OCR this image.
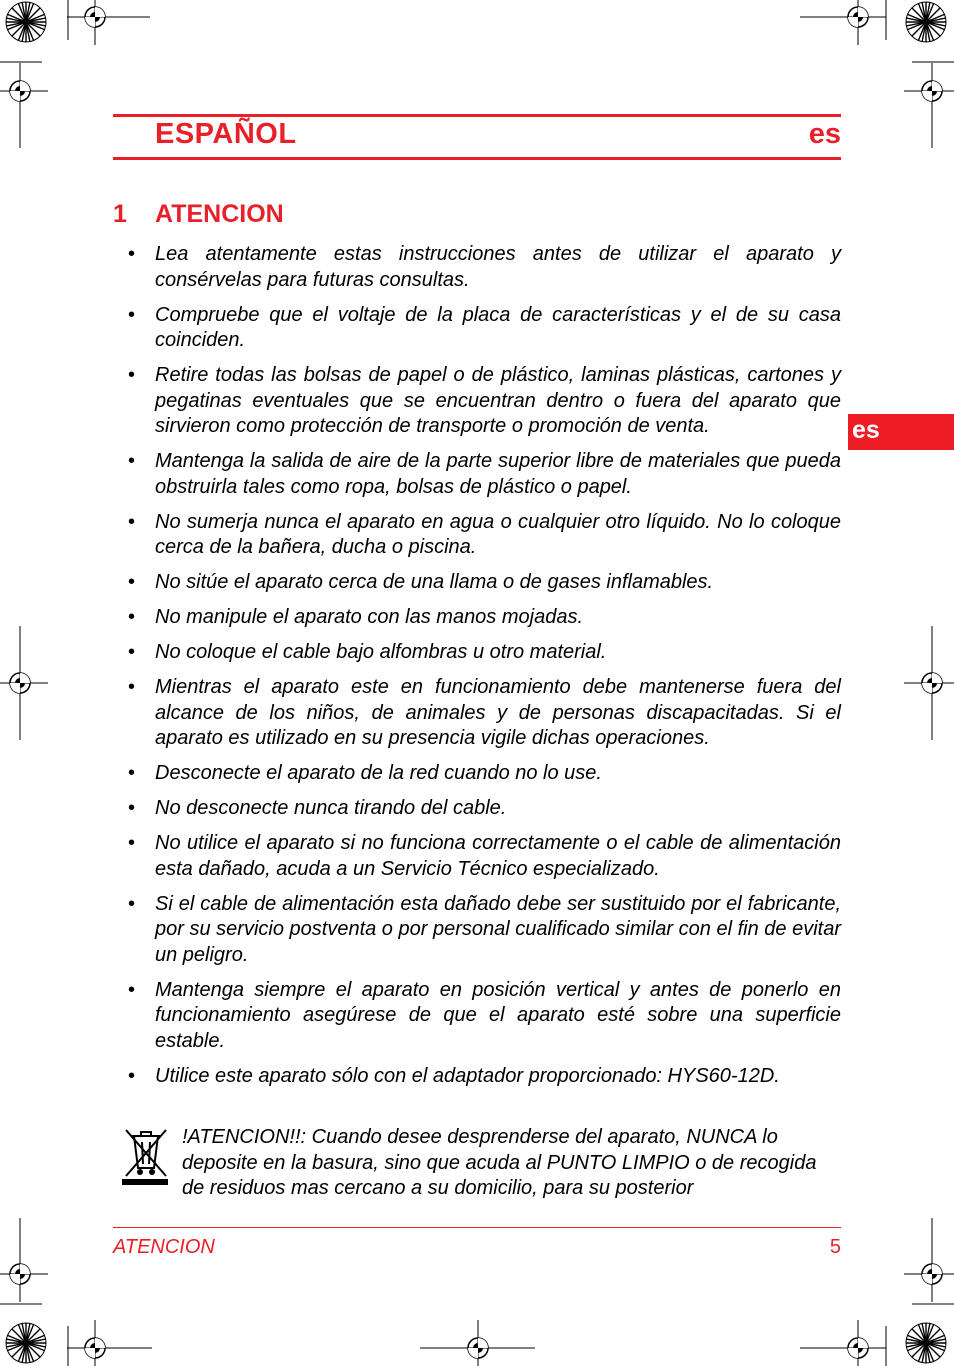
ESPAÑOL	es
1 ATENCION
es
• Lea atentamente estas instrucciones antes de utilizar el aparato y consérvelas para futuras consultas.
• Compruebe que el voltaje de la placa de características y el de su casa coinciden.
• Retire todas las bolsas de papel o de plástico, laminas plásticas, cartones y pegatinas eventuales que se encuentran dentro o fuera del aparato que sirvieron como protección de transporte o promoción de venta.
• Mantenga la salida de aire de la parte superior libre de materiales que pueda obstruirla tales como ropa, bolsas de plástico o papel.
• No sumerja nunca el aparato en agua o cualquier otro líquido. No lo coloque cerca de la bañera, ducha o piscina.
• No sitúe el aparato cerca de una llama o de gases inflamables.
• No manipule el aparato con las manos mojadas.
• No coloque el cable bajo alfombras u otro material.
• Mientras el aparato este en funcionamiento debe mantenerse fuera del alcance de los niños, de animales y de personas discapacitadas. Si el aparato es utilizado en su presencia vigile dichas operaciones.
• Desconecte el aparato de la red cuando no lo use.
• No desconecte nunca tirando del cable.
• No utilice el aparato si no funciona correctamente o el cable de alimentación esta dañado, acuda a un Servicio Técnico especializado.
• Si el cable de alimentación esta dañado debe ser sustituido por el fabricante, por su servicio postventa o por personal cualificado similar con el fin de evitar un peligro.
• Mantenga siempre el aparato en posición vertical y antes de ponerlo en funcionamiento asegúrese de que el aparato esté sobre una superficie estable.
• Utilice este aparato sólo con el adaptador proporcionado: HYS60-12D.
!ATENCION!!: Cuando desee desprenderse del aparato, NUNCA lo deposite en la basura, sino que acuda al PUNTO LIMPIO o de recogida de residuos mas cercano a su domicilio, para su posterior
ATENCION	5
